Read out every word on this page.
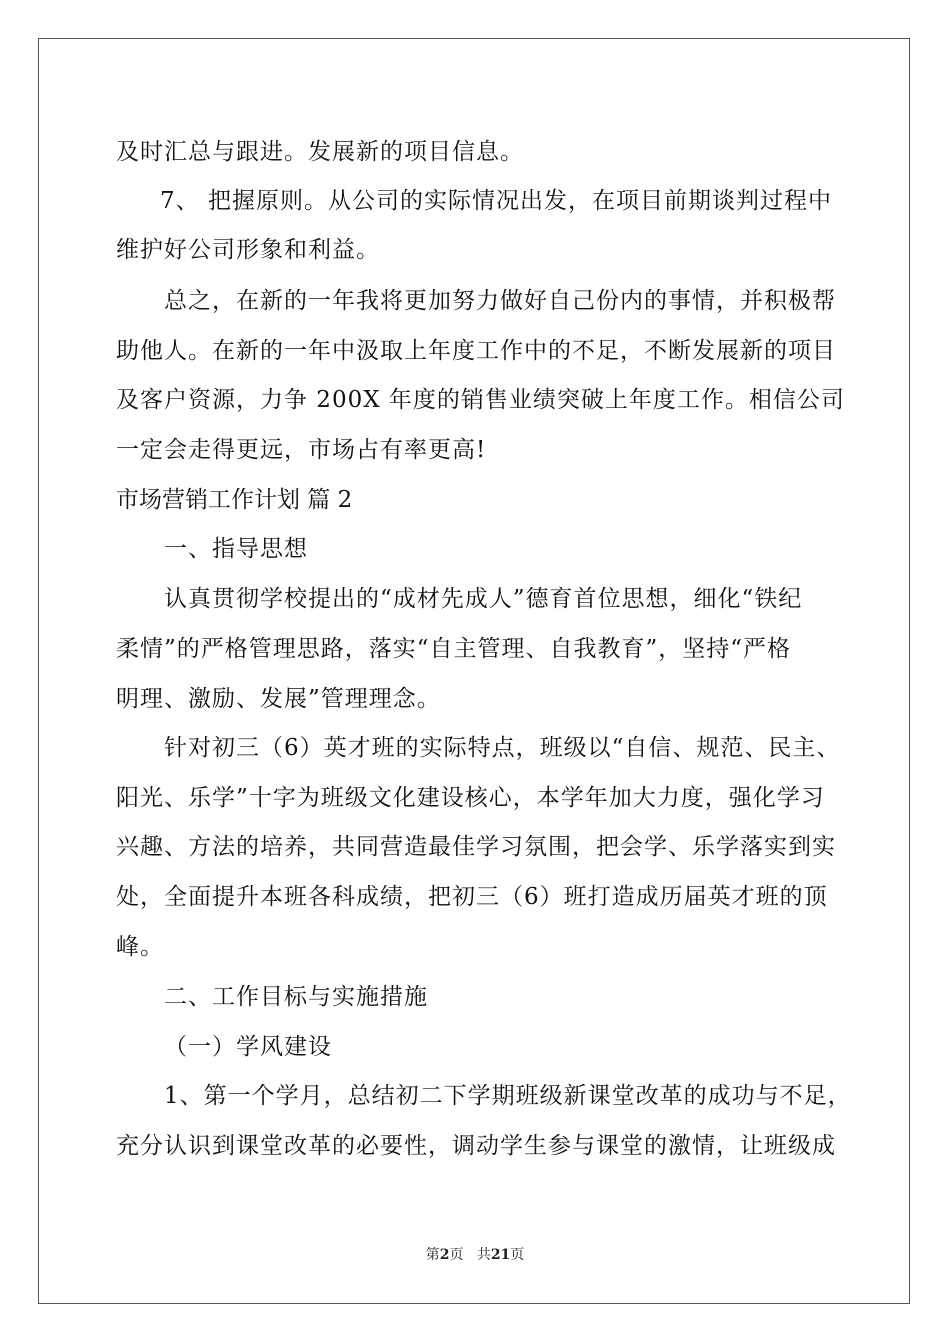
及时汇总与跟进。发展新的项目信息。
7、 把握原则。从公司的实际情况出发，在项目前期谈判过程中
维护好公司形象和利益。
总之，在新的一年我将更加努力做好自己份内的事情，并积极帮
助他人。在新的一年中汲取上年度工作中的不足，不断发展新的项目
及客户资源，力争 200X 年度的销售业绩突破上年度工作。相信公司
一定会走得更远，市场占有率更高!
市场营销工作计划 篇 2
一、指导思想
认真贯彻学校提出的“成材先成人”德育首位思想，细化“铁纪
柔情”的严格管理思路，落实“自主管理、自我教育”，坚持“严格
明理、激励、发展”管理理念。
针对初三（6）英才班的实际特点，班级以“自信、规范、民主、
阳光、乐学”十字为班级文化建设核心，本学年加大力度，强化学习
兴趣、方法的培养，共同营造最佳学习氛围，把会学、乐学落实到实
处，全面提升本班各科成绩，把初三（6）班打造成历届英才班的顶
峰。
二、工作目标与实施措施
（一）学风建设
1、第一个学月，总结初二下学期班级新课堂改革的成功与不足，
充分认识到课堂改革的必要性，调动学生参与课堂的激情，让班级成
第2页 共21页
